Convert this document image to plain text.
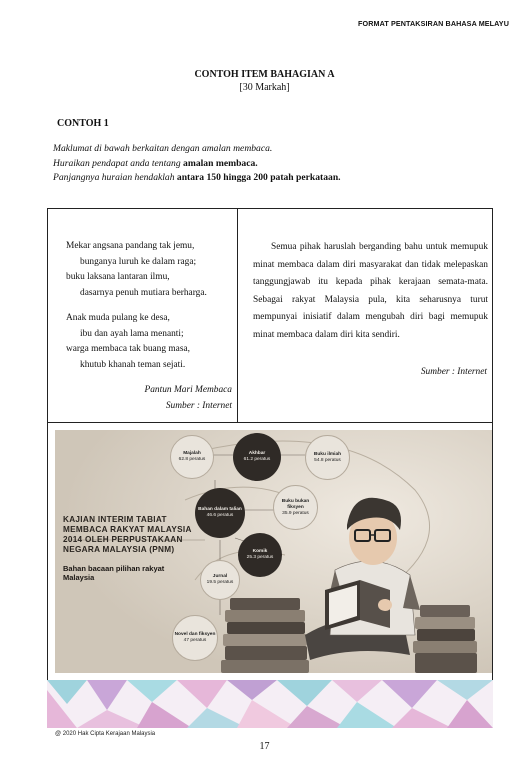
FORMAT PENTAKSIRAN BAHASA MELAYU
CONTOH ITEM BAHAGIAN A
[30 Markah]
CONTOH 1
Maklumat di bawah berkaitan dengan amalan membaca.
Huraikan pendapat anda tentang amalan membaca.
Panjangnya huraian hendaklah antara 150 hingga 200 patah perkataan.
Mekar angsana pandang tak jemu,
bunganya luruh ke dalam raga;
buku laksana lantaran ilmu,
dasarnya penuh mutiara berharga.
Anak muda pulang ke desa,
ibu dan ayah lama menanti;
warga membaca tak buang masa,
khutub khanah teman sejati.
Pantun Mari Membaca
Sumber : Internet
Semua pihak haruslah berganding bahu untuk memupuk minat membaca dalam diri masyarakat dan tidak melepaskan tanggungjawab itu kepada pihak kerajaan semata-mata. Sebagai rakyat Malaysia pula, kita seharusnya turut mempunyai inisiatif dalam mengubah diri bagi memupuk minat membaca dalam diri kita sendiri.
Sumber : Internet
KAJIAN INTERIM TABIAT MEMBACA RAKYAT MALAYSIA 2014 OLEH PERPUSTAKAAN NEGARA MALAYSIA (PNM)
Bahan bacaan pilihan rakyat Malaysia
Majalah
62.8 peratus
Akhbar
61.2 peratus
Buku ilmiah
54.8 peratus
Bahan dalam talian
46.6 peratus
Buku bukan fiksyen
35.9 peratus
Komik
25.3 peratus
Jurnal
19.5 peratus
Novel dan fiksyen
47 peratus
@ 2020 Hak Cipta Kerajaan Malaysia
17
